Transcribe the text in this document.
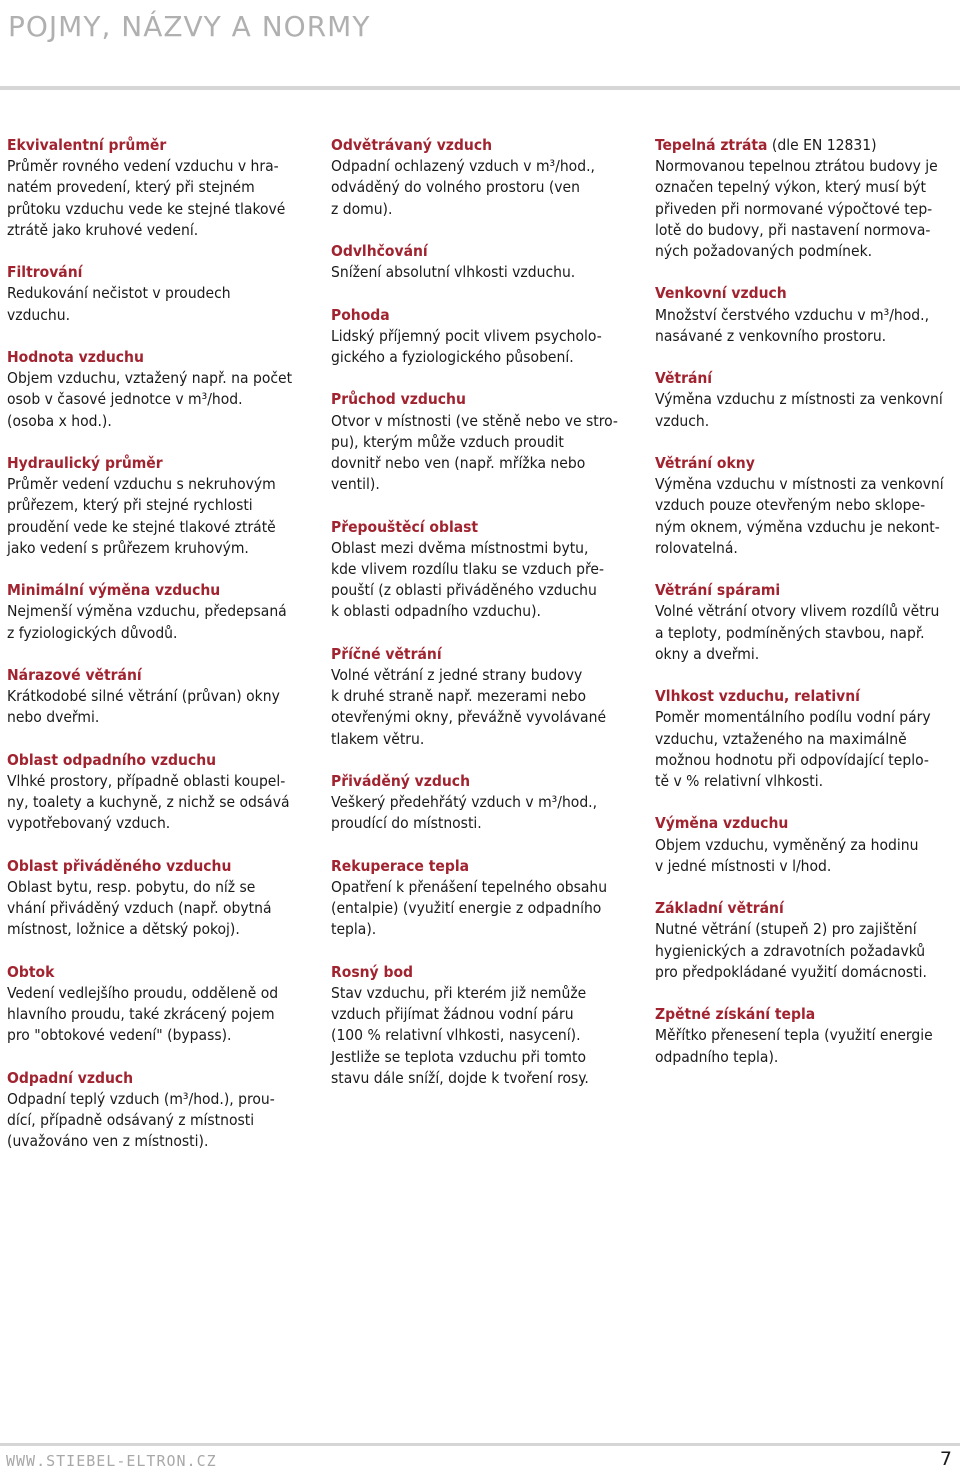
POJMY, NÁZVY A NORMY
Ekvivalentní průměr
Průměr rovného vedení vzduchu v hra-
natém provedení, který při stejném
průtoku vzduchu vede ke stejné tlakové
ztrátě jako kruhové vedení.
Filtrování
Redukování nečistot v proudech
vzduchu.
Hodnota vzduchu
Objem vzduchu, vztažený např. na počet
osob v časové jednotce v m³/hod.
(osoba x hod.).
Hydraulický průměr
Průměr vedení vzduchu s nekruhovým
průřezem, který při stejné rychlosti
proudění vede ke stejné tlakové ztrátě
jako vedení s průřezem kruhovým.
Minimální výměna vzduchu
Nejmenší výměna vzduchu, předepsaná
z fyziologických důvodů.
Nárazové větrání
Krátkodobé silné větrání (průvan) okny
nebo dveřmi.
Oblast odpadního vzduchu
Vlhké prostory, případně oblasti koupel-
ny, toalety a kuchyně, z nichž se odsává
vypotřebovaný vzduch.
Oblast přiváděného vzduchu
Oblast bytu, resp. pobytu, do níž se
vhání přiváděný vzduch (např. obytná
místnost, ložnice a dětský pokoj).
Obtok
Vedení vedlejšího proudu, odděleně od
hlavního proudu, také zkrácený pojem
pro "obtokové vedení" (bypass).
Odpadní vzduch
Odpadní teplý vzduch (m³/hod.), prou-
dící, případně odsávaný z místnosti
(uvažováno ven z místnosti).
Odvětrávaný vzduch
Odpadní ochlazený vzduch v m³/hod.,
odváděný do volného prostoru (ven
z domu).
Odvlhčování
Snížení absolutní vlhkosti vzduchu.
Pohoda
Lidský příjemný pocit vlivem psycholo-
gického a fyziologického působení.
Průchod vzduchu
Otvor v místnosti (ve stěně nebo ve stro-
pu), kterým může vzduch proudit
dovnitř nebo ven (např. mřížka nebo
ventil).
Přepouštěcí oblast
Oblast mezi dvěma místnostmi bytu,
kde vlivem rozdílu tlaku se vzduch pře-
pouští (z oblasti přiváděného vzduchu
k oblasti odpadního vzduchu).
Příčné větrání
Volné větrání z jedné strany budovy
k druhé straně např. mezerami nebo
otevřenými okny, převážně vyvolávané
tlakem větru.
Přiváděný vzduch
Veškerý předehřátý vzduch v m³/hod.,
proudící do místnosti.
Rekuperace tepla
Opatření k přenášení tepelného obsahu
(entalpie) (využití energie z odpadního
tepla).
Rosný bod
Stav vzduchu, při kterém již nemůže
vzduch přijímat žádnou vodní páru
(100 % relativní vlhkosti, nasycení).
Jestliže se teplota vzduchu při tomto
stavu dále sníží, dojde k tvoření rosy.
Tepelná ztráta (dle EN 12831)
Normovanou tepelnou ztrátou budovy je
označen tepelný výkon, který musí být
přiveden při normované výpočtové tep-
lotě do budovy, při nastavení normova-
ných požadovaných podmínek.
Venkovní vzduch
Množství čerstvého vzduchu v m³/hod.,
nasávané z venkovního prostoru.
Větrání
Výměna vzduchu z místnosti za venkovní
vzduch.
Větrání okny
Výměna vzduchu v místnosti za venkovní
vzduch pouze otevřeným nebo sklope-
ným oknem, výměna vzduchu je nekont-
rolovatelná.
Větrání spárami
Volné větrání otvory vlivem rozdílů větru
a teploty, podmíněných stavbou, např.
okny a dveřmi.
Vlhkost vzduchu, relativní
Poměr momentálního podílu vodní páry
vzduchu, vztaženého na maximálně
možnou hodnotu při odpovídající teplo-
tě v % relativní vlhkosti.
Výměna vzduchu
Objem vzduchu, vyměněný za hodinu
v jedné místnosti v l/hod.
Základní větrání
Nutné větrání (stupeň 2) pro zajištění
hygienických a zdravotních požadavků
pro předpokládané využití domácnosti.
Zpětné získání tepla
Měřítko přenesení tepla (využití energie
odpadního tepla).
WWW.STIEBEL-ELTRON.CZ	7
